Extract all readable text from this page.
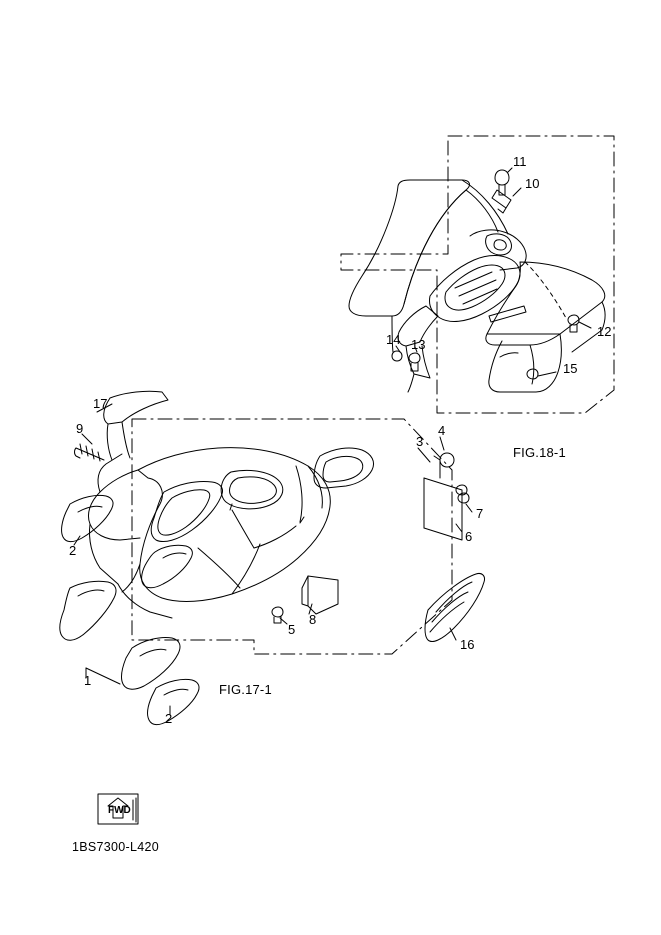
11
10
12
15
14 13
17
9
3
4
7
6
2
5
8
16
1
2
FIG.18-1
FIG.17-1
FWD
1BS7300-L420
